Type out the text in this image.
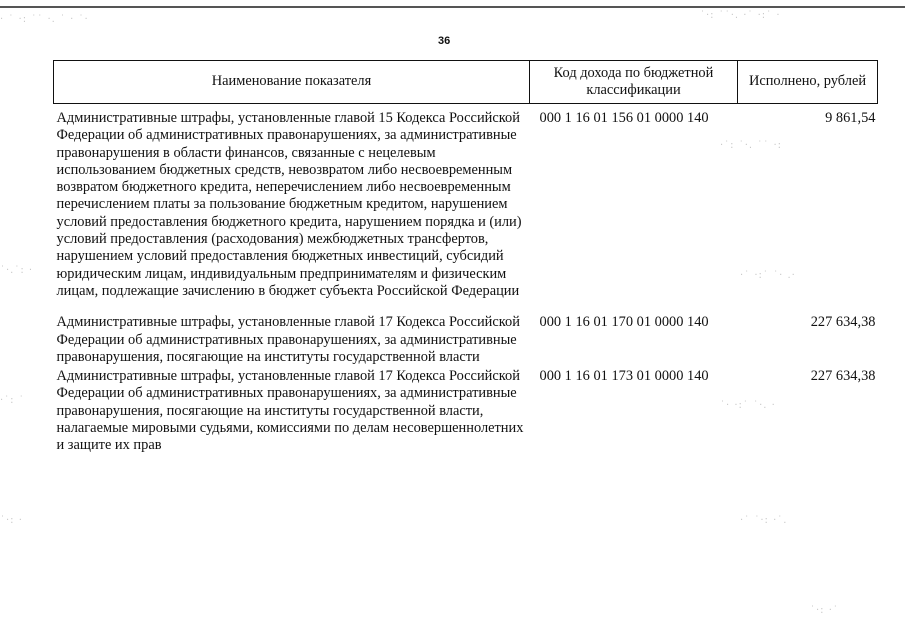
· ˙ ·: ˙˙ ·. ˙ · ˙·	˙·: ˙˙·. ·˙ ·:˙ ·
·˙: ˙·. ˙˙ ·:
˙·.˙: ·	·˙ ·:˙ ˙· .·
·˙: ˙	˙· ·:˙ ˙·. ·
˙·: ·	·˙ ˙·: ·˙.
˙·: ·˙
36
Наименование показателя	Код дохода по бюджетной классификации	Исполнено, рублей
Административные штрафы, установленные главой 15 Кодекса Российской Федерации об административных правонарушениях, за административные правонарушения в области финансов, связанные с нецелевым использованием бюджетных средств, невозвратом либо несвоевременным возвратом бюджетного кредита, неперечислением либо несвоевременным перечислением платы за пользование бюджетным кредитом, нарушением условий предоставления бюджетного кредита, нарушением порядка и (или) условий предоставления (расходования) межбюджетных трансфертов, нарушением условий предоставления бюджетных инвестиций, субсидий юридическим лицам, индивидуальным предпринимателям и физическим лицам, подлежащие зачислению в бюджет субъекта Российской Федерации	000 1 16 01 156 01 0000 140	9 861,54
Административные штрафы, установленные главой 17 Кодекса Российской Федерации об административных правонарушениях, за административные правонарушения, посягающие на институты государственной власти	000 1 16 01 170 01 0000 140	227 634,38
Административные штрафы, установленные главой 17 Кодекса Российской Федерации об административных правонарушениях, за административные правонарушения, посягающие на институты государственной власти, налагаемые мировыми судьями, комиссиями по делам несовершеннолетних и защите их прав	000 1 16 01 173 01 0000 140	227 634,38
